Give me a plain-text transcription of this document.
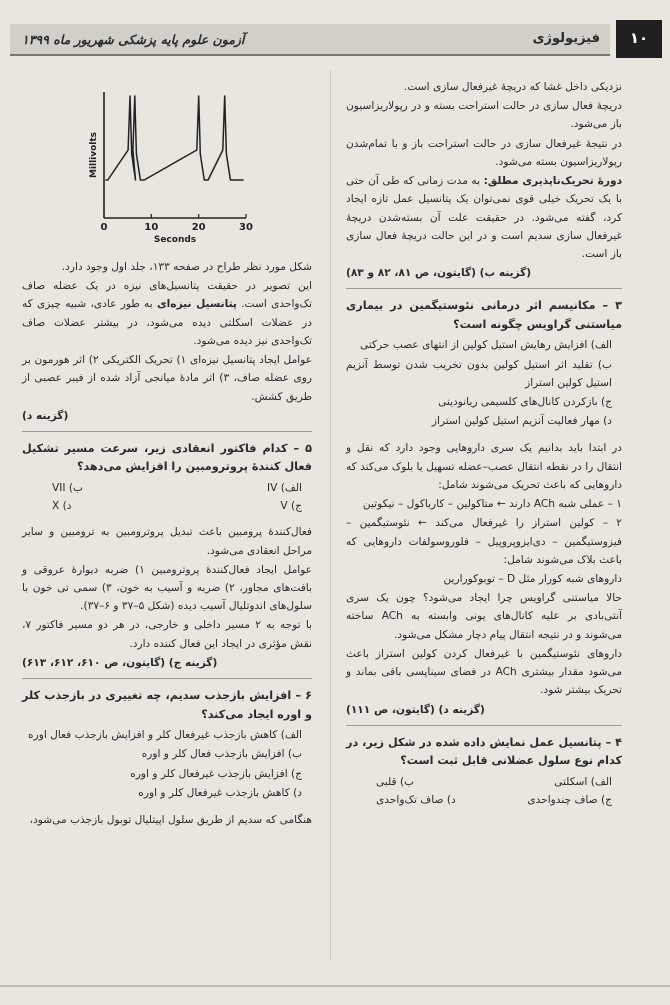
۱۰
فیزیولوژی
آزمون علوم پایه پزشکی شهریور ماه ۱۳۹۹

نزدیکی داخل غشا که دریچهٔ غیرفعال سازی است.

دریچهٔ فعال سازی در حالت استراحت بسته و در رپولاریزاسیون باز می‌شود.

در نتیجهٔ غیرفعال سازی در حالت استراحت باز و با تمام‌شدن رپولاریزاسیون بسته می‌شود.

دورهٔ تحریک‌ناپذیری مطلق: به مدت زمانی که طی آن حتی با یک تحریک خیلی قوی نمی‌توان یک پتانسیل عمل تازه ایجاد کرد، گفته می‌شود. در حقیقت علت آن بسته‌شدن دریچهٔ غیرفعال سازی سدیم است و در این حالت دریچهٔ فعال سازی باز است.

(گزینه ب) (گایتون، ص ۸۱، ۸۲ و ۸۳)

۳ – مکانیسم اثر درمانی نئوستیگمین در بیماری میاستنی گراویس چگونه است؟

الف) افزایش رهایش استیل کولین از انتهای عصب حرکتی

ب) تقلید اثر استیل کولین بدون تخریب شدن توسط آنزیم استیل کولین استراز

ج) بازکردن کانال‌های کلسیمی ریانودینی

د) مهار فعالیت آنزیم استیل کولین استراز

در ابتدا باید بدانیم یک سری داروهایی وجود دارد که نقل و انتقال را در نقطه انتقال عصب–عضله تسهیل یا بلوک می‌کند که داروهایی که باعث تحریک می‌شوند شامل:

۱ – عملی شبه ACh دارند ← متاکولین – کارباکول – نیکوتین

۲ – کولین استراز را غیرفعال می‌کند ← نئوستیگمین – فیزوستیگمین – دی‌ایزوپروپیل – فلوروسولفات داروهایی که باعث بلاک می‌شوند شامل:

داروهای شبه کورار مثل D – توبوکورارین

حالا میاستنی گراویس چرا ایجاد می‌شود؟ چون یک سری آنتی‌بادی بر علیه کانال‌های یونی وابسته به ACh ساخته می‌شوند و در نتیجه انتقال پیام دچار مشکل می‌شود.

داروهای نئوستیگمین با غیرفعال کردن کولین استراز باعث می‌شود مقدار بیشتری ACh در فضای سیناپسی باقی بماند و تحریک بیشتر شود.

(گزینه د) (گایتون، ص ۱۱۱)

۴ – پتانسیل عمل نمایش داده شده در شکل زیر، در کدام نوع سلول عضلانی قابل ثبت است؟

الف) اسکلتی
ب) قلبی
ج) صاف چندواحدی
د) صاف تک‌واحدی
0	10	20	30
Seconds
Millivolts

شکل مورد نظر طراح در صفحه ۱۳۳، جلد اول وجود دارد.

این تصویر در حقیقت پتانسیل‌های نیزه در یک عضله صاف تک‌واحدی است. پتانسیل نیزه‌ای به طور عادی، شبیه چیزی که در عضلات اسکلتی دیده می‌شود، در بیشتر عضلات صاف تک‌واحدی نیز دیده می‌شود.

عوامل ایجاد پتانسیل نیزه‌ای ۱) تحریک الکتریکی ۲) اثر هورمون بر روی عضله صاف، ۳) اثر مادهٔ میانجی آزاد شده از فیبر عصبی از طریق کشش.

(گزینه د)

۵ – کدام فاکتور انعقادی زیر، سرعت مسیر تشکیل فعال کنندهٔ پروترومبین را افزایش می‌دهد؟

الف) IV
ب) VII
ج) V
د) X

فعال‌کنندهٔ پرومبین باعث تبدیل پروترومبین به ترومبین و سایر مراحل انعقادی می‌شود.

عوامل ایجاد فعال‌کنندهٔ پروترومبین ۱) ضربه دیوارهٔ عروقی و بافت‌های مجاور، ۲) ضربه و آسیب به خون، ۳) سمی تی خون با سلول‌های اندوتلیال آسیب دیده (شکل ۵–۳۷ و ۶–۳۷).

با توجه به ۲ مسیر داخلی و خارجی، در هر دو مسیر فاکتور ۷، نقش مؤثری در ایجاد این فعال کننده دارد.

(گزینه ج) (گایتون، ص ۶۱۰، ۶۱۲، ۶۱۳)

۶ – افزایش بازجذب سدیم، چه تغییری در بازجذب کلر و اوره ایجاد می‌کند؟

الف) کاهش بازجذب غیرفعال کلر و افزایش بازجذب فعال اوره

ب) افزایش بازجذب فعال کلر و اوره

ج) افزایش بازجذب غیرفعال کلر و اوره

د) کاهش بازجذب غیرفعال کلر و اوره

هنگامی که سدیم از طریق سلول اپیتلیال توبول بازجذب می‌شود،
